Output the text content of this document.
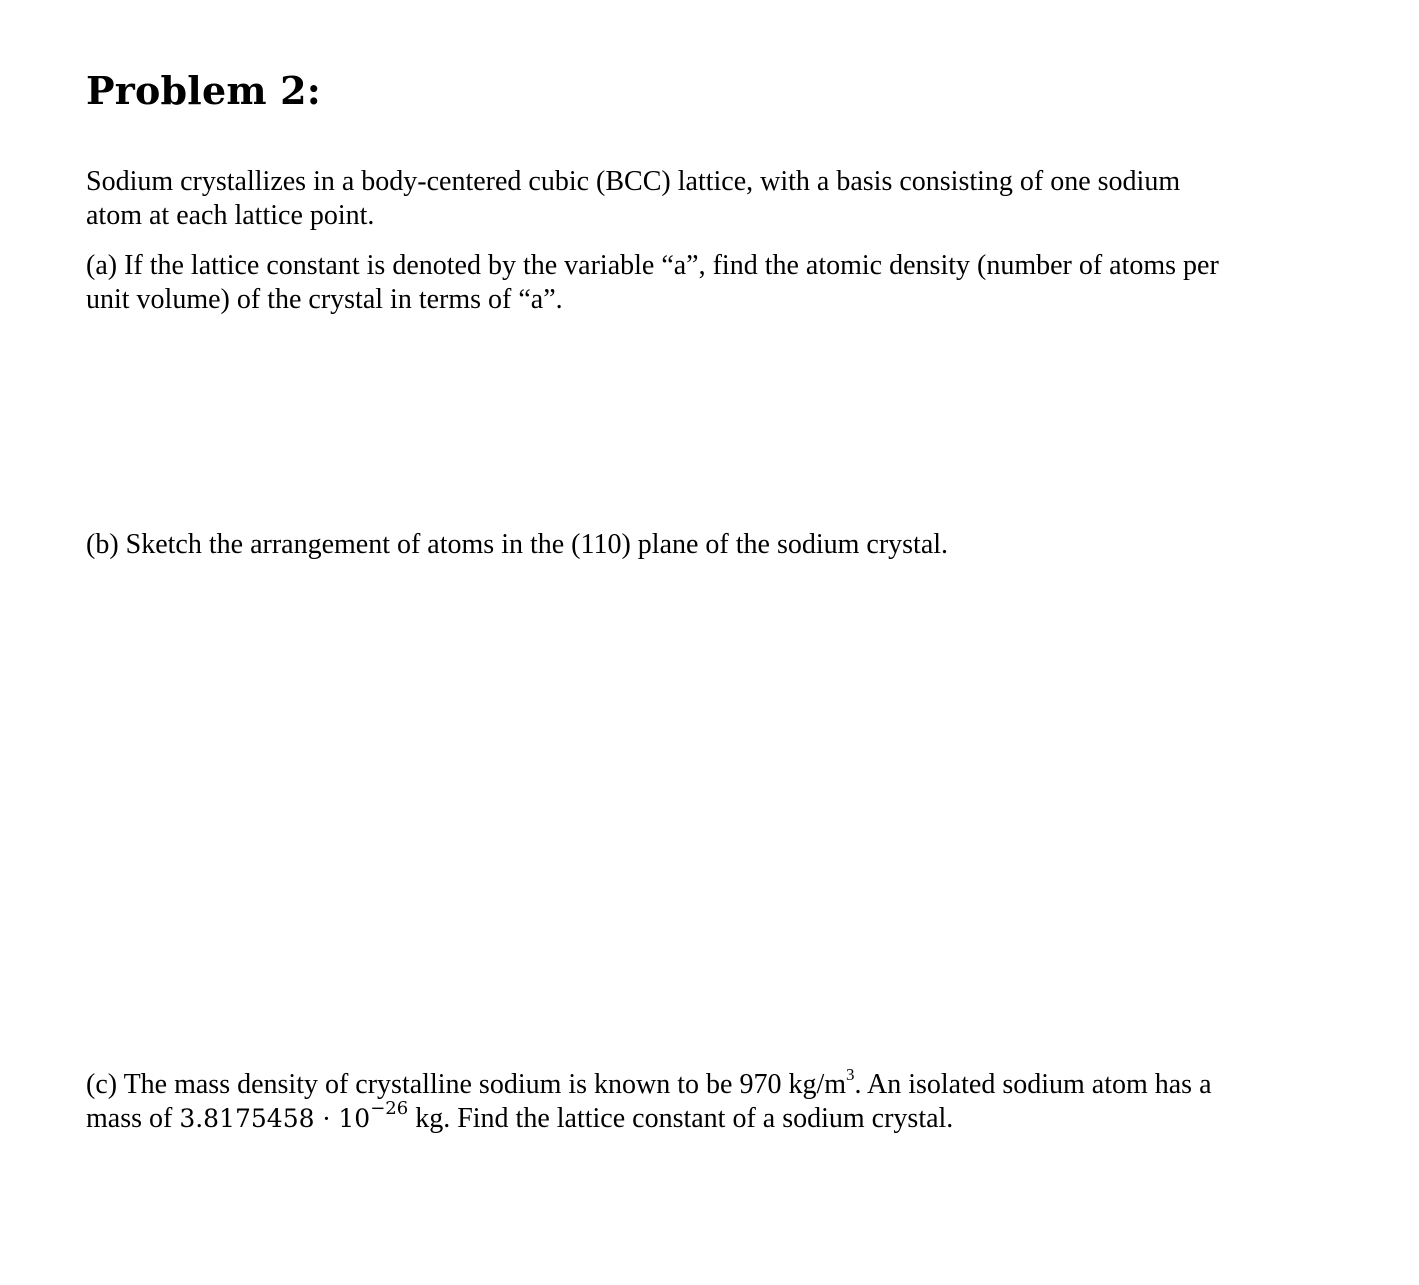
Problem 2:

Sodium crystallizes in a body-centered cubic (BCC) lattice, with a basis consisting of one sodium
atom at each lattice point.

(a) If the lattice constant is denoted by the variable “a”, find the atomic density (number of atoms per
unit volume) of the crystal in terms of “a”.

(b) Sketch the arrangement of atoms in the (110) plane of the sodium crystal.

(c) The mass density of crystalline sodium is known to be 970 $kg/m^3$. An isolated sodium atom has a
mass of $3.8175458 \cdot 10^{-26}$ kg. Find the lattice constant of a sodium crystal.
